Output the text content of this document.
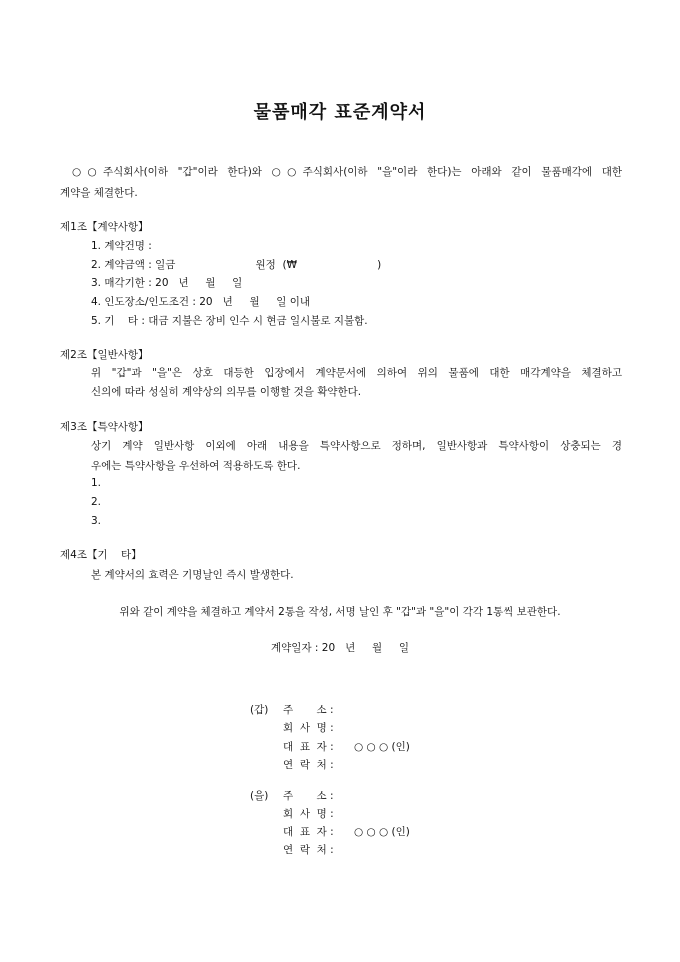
물품매각 표준계약서
○○주식회사(이하 "갑"이라 한다)와 ○○주식회사(이하 "을"이라 한다)는 아래와 같이 물품매각에 대한
계약을 체결한다.
제1조【계약사항】
1. 계약건명 :
2. 계약금액 : 일금                        원정  (₩                        )
3. 매각기한 : 20   년     월     일
4. 인도장소/인도조건 : 20   년     월     일 이내
5. 기    타 : 대금 지불은 장비 인수 시 현금 일시불로 지불함.
제2조【일반사항】
위 "갑"과 "을"은 상호 대등한 입장에서 계약문서에 의하여 위의 물품에 대한 매각계약을 체결하고
신의에 따라 성실히 계약상의 의무를 이행할 것을 확약한다.
제3조【특약사항】
상기 계약 일반사항 이외에 아래 내용을 특약사항으로 정하며, 일반사항과 특약사항이 상충되는 경
우에는 특약사항을 우선하여 적용하도록 한다.
1.
2.
3.
제4조【기    타】
본 계약서의 효력은 기명날인 즉시 발생한다.
위와 같이 계약을 체결하고 계약서 2통을 작성, 서명 날인 후 "갑"과 "을"이 각각 1통씩 보관한다.
계약일자 : 20   년     월     일
(갑) 주       소 :
회  사  명 :
대  표  자 : ○ ○ ○ (인)
연  락  처 :
(을) 주       소 :
회  사  명 :
대  표  자 : ○ ○ ○ (인)
연  락  처 :
